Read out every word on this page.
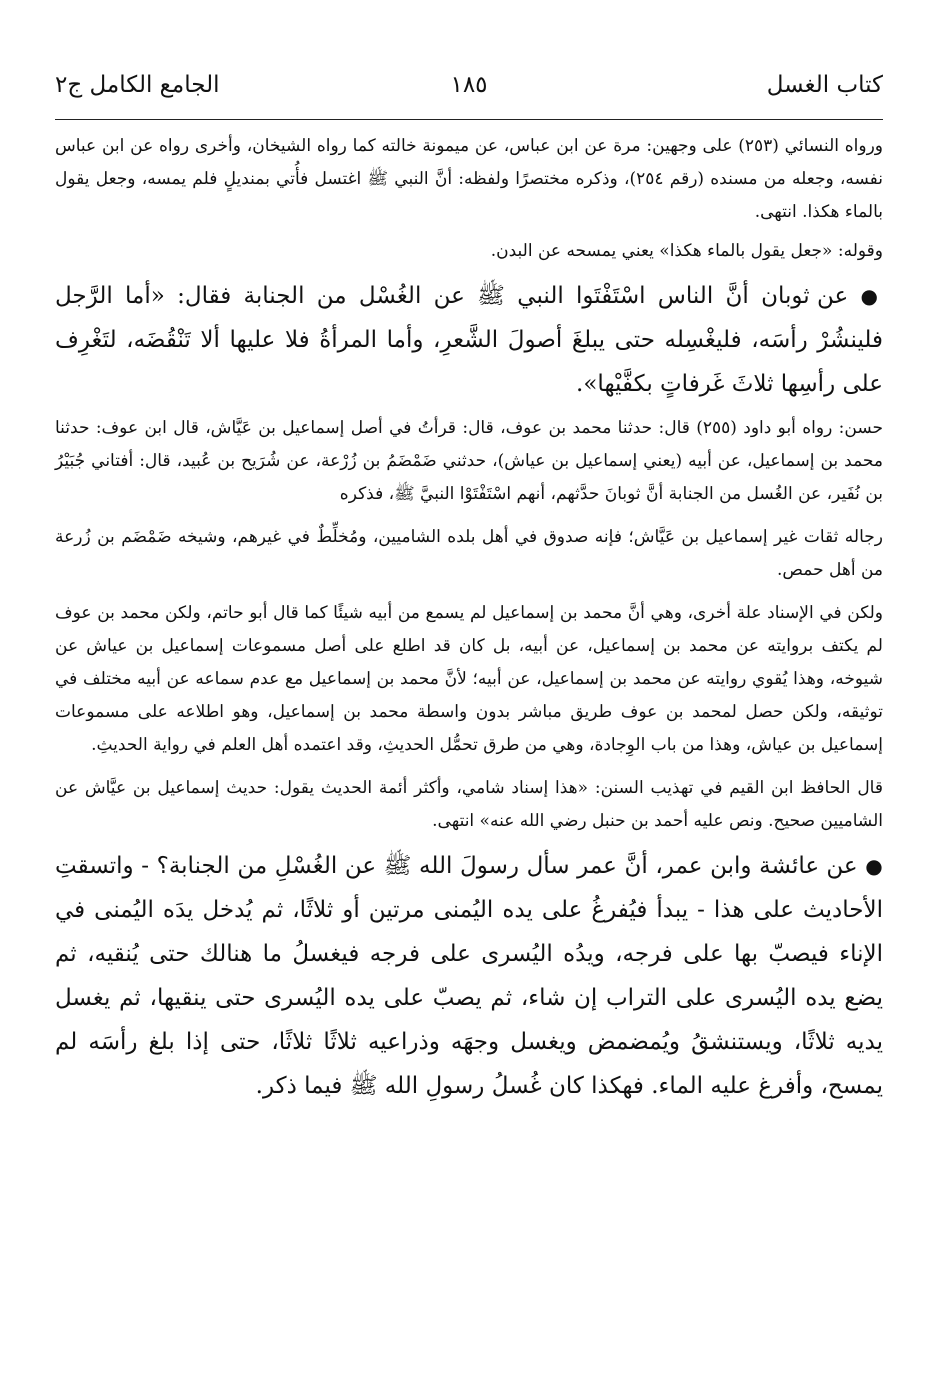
كتاب الغسل
١٨٥
الجامع الكامل ج٢

ورواه النسائي (٢٥٣) على وجهين: مرة عن ابن عباس، عن ميمونة خالته كما رواه الشيخان، وأخرى رواه عن ابن عباس نفسه، وجعله من مسنده (رقم ٢٥٤)، وذكره مختصرًا ولفظه: أنَّ النبي ﷺ اغتسل فأُتي بمنديلٍ فلم يمسه، وجعل يقول بالماء هكذا. انتهى.

وقوله: «جعل يقول بالماء هكذا» يعني يمسحه عن البدن.

● عن ثوبان أنَّ الناس اسْتَفْتَوا النبي ﷺ عن الغُسْل من الجنابة فقال: «أما الرَّجل فلينشُرْ رأسَه، فليغْسِله حتى يبلغَ أصولَ الشَّعرِ، وأما المرأةُ فلا عليها ألا تَنْقُضَه، لتَغْرِف على رأسِها ثلاثَ غَرفاتٍ بكفَّيْها».

حسن: رواه أبو داود (٢٥٥) قال: حدثنا محمد بن عوف، قال: قرأتُ في أصل إسماعيل بن عَيَّاش، قال ابن عوف: حدثنا محمد بن إسماعيل، عن أبيه (يعني إسماعيل بن عياش)، حدثني ضَمْضَمُ بن زُرْعة، عن شُرَيح بن عُبيد، قال: أفتاني جُبَيْرُ بن نُفَير، عن الغُسل من الجنابة أنَّ ثوبانَ حدَّثهم، أنهم اسْتَفْتَوْا النبيَّ ﷺ، فذكره

رجاله ثقات غير إسماعيل بن عَيَّاش؛ فإنه صدوق في أهل بلده الشاميين، ومُخلِّطٌ في غيرهم، وشيخه ضَمْضَم بن زُرعة من أهل حمص.

ولكن في الإسناد علة أخرى، وهي أنَّ محمد بن إسماعيل لم يسمع من أبيه شيئًا كما قال أبو حاتم، ولكن محمد بن عوف لم يكتف بروايته عن محمد بن إسماعيل، عن أبيه، بل كان قد اطلع على أصل مسموعات إسماعيل بن عياش عن شيوخه، وهذا يُقوي روايته عن محمد بن إسماعيل، عن أبيه؛ لأنَّ محمد بن إسماعيل مع عدم سماعه عن أبيه مختلف في توثيقه، ولكن حصل لمحمد بن عوف طريق مباشر بدون واسطة محمد بن إسماعيل، وهو اطلاعه على مسموعات إسماعيل بن عياش، وهذا من باب الوِجادة، وهي من طرق تحمُّل الحديثِ، وقد اعتمده أهل العلم في رواية الحديثِ.

قال الحافظ ابن القيم في تهذيب السنن: «هذا إسناد شامي، وأكثر أئمة الحديث يقول: حديث إسماعيل بن عيَّاش عن الشاميين صحيح. ونص عليه أحمد بن حنبل رضي الله عنه» انتهى.

● عن عائشة وابن عمر، أنَّ عمر سأل رسولَ الله ﷺ عن الغُسْلِ من الجنابة؟ - واتسقتِ الأحاديث على هذا - يبدأ فيُفرغُ على يده اليُمنى مرتين أو ثلاثًا، ثم يُدخل يدَه اليُمنى في الإناء فيصبّ بها على فرجه، ويدُه اليُسرى على فرجه فيغسلُ ما هنالك حتى يُنقيه، ثم يضع يده اليُسرى على التراب إن شاء، ثم يصبّ على يده اليُسرى حتى ينقيها، ثم يغسل يديه ثلاثًا، ويستنشقُ ويُمضمض ويغسل وجهَه وذراعيه ثلاثًا ثلاثًا، حتى إذا بلغ رأسَه لم يمسح، وأفرغ عليه الماء. فهكذا كان غُسلُ رسولِ الله ﷺ فيما ذكر.
